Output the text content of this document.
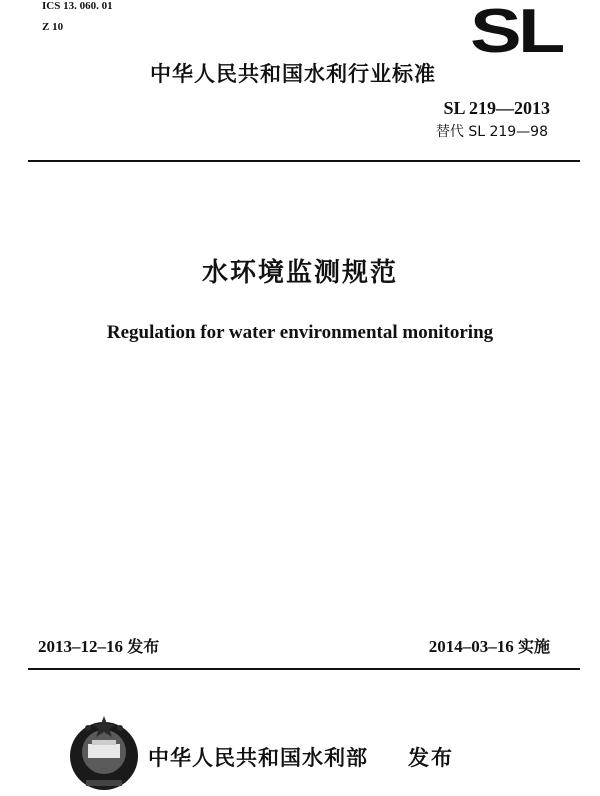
ICS 13. 060. 01
Z 10	SL
中华人民共和国水利行业标准
SL 219—2013
替代 SL 219—98
水环境监测规范
Regulation for water environmental monitoring
2013–12–16 发布	2014–03–16 实施
中华人民共和国水利部 发布
